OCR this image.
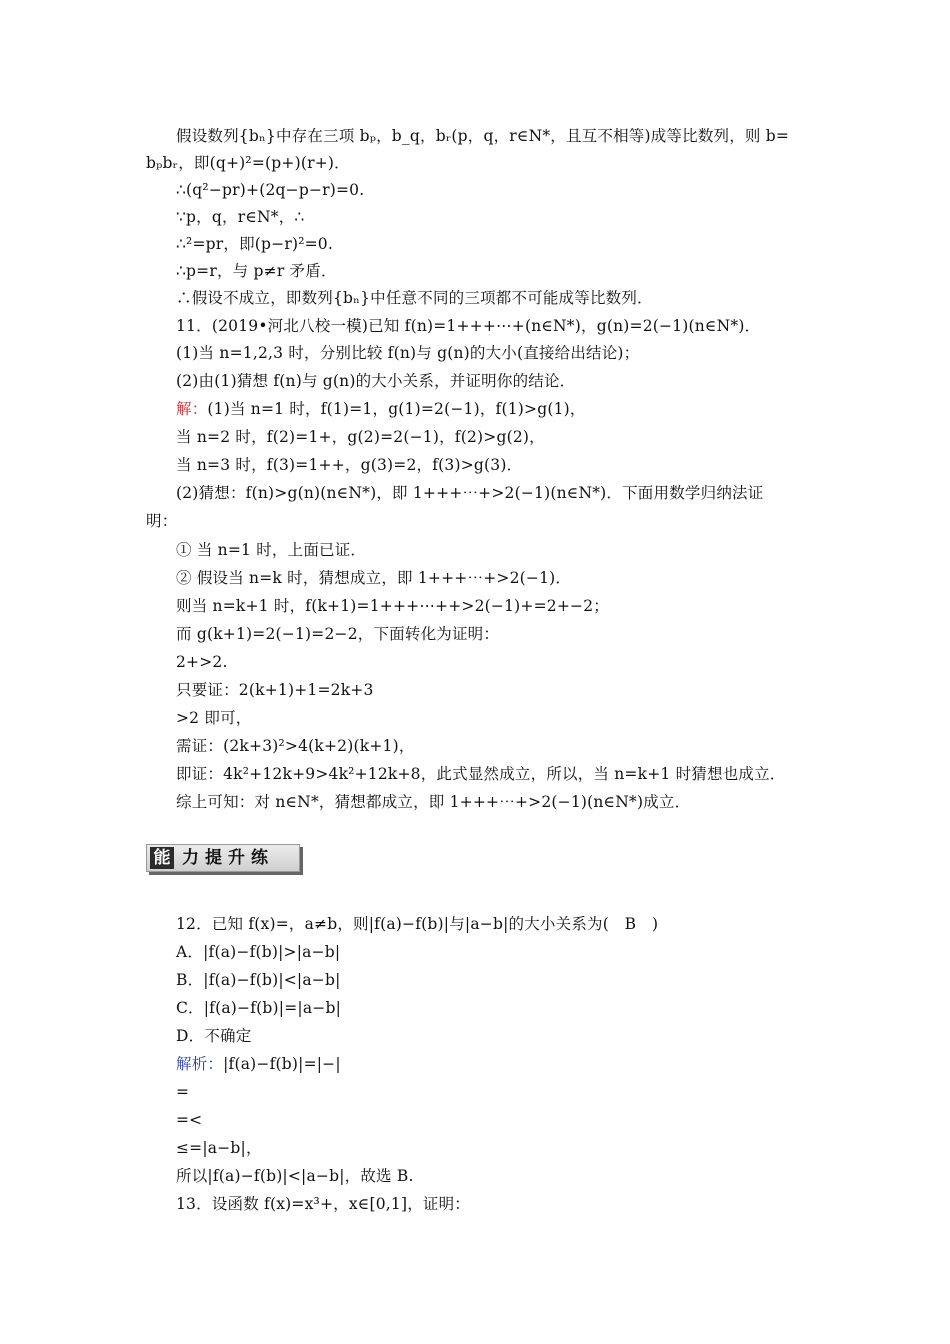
假设数列{bₙ}中存在三项 bₚ，b_q，bᵣ(p，q，r∈N*，且互不相等)成等比数列，则 b=
bₚbᵣ，即(q+)²=(p+)(r+)．
∴(q²−pr)+(2q−p−r)=0.
∵p，q，r∈N*，∴
∴²=pr，即(p−r)²=0.
∴p=r，与 p≠r 矛盾．
∴假设不成立，即数列{bₙ}中任意不同的三项都不可能成等比数列．
11．(2019•河北八校一模)已知 f(n)=1+++⋯+(n∈N*)，g(n)=2(−1)(n∈N*)．
(1)当 n=1,2,3 时，分别比较 f(n)与 g(n)的大小(直接给出结论)；
(2)由(1)猜想 f(n)与 g(n)的大小关系，并证明你的结论．
解：(1)当 n=1 时，f(1)=1，g(1)=2(−1)，f(1)>g(1)，
当 n=2 时，f(2)=1+，g(2)=2(−1)，f(2)>g(2)，
当 n=3 时，f(3)=1++，g(3)=2，f(3)>g(3)．
(2)猜想：f(n)>g(n)(n∈N*)，即 1+++⋯+>2(−1)(n∈N*)．下面用数学归纳法证
明：
① 当 n=1 时，上面已证．
② 假设当 n=k 时，猜想成立，即 1+++⋯+>2(−1)．
则当 n=k+1 时，f(k+1)=1+++⋯++>2(−1)+=2+−2；
而 g(k+1)=2(−1)=2−2，下面转化为证明：
2+>2.
只要证：2(k+1)+1=2k+3
>2 即可，
需证：(2k+3)²>4(k+2)(k+1)，
即证：4k²+12k+9>4k²+12k+8，此式显然成立，所以，当 n=k+1 时猜想也成立．
综上可知：对 n∈N*，猜想都成立，即 1+++⋯+>2(−1)(n∈N*)成立．
能 力提升练
12．已知 f(x)=，a≠b，则|f(a)−f(b)|与|a−b|的大小关系为(　B　)
A．|f(a)−f(b)|>|a−b|
B．|f(a)−f(b)|<|a−b|
C．|f(a)−f(b)|=|a−b|
D．不确定
解析：|f(a)−f(b)|=|−|
=
=<
≤=|a−b|，
所以|f(a)−f(b)|<|a−b|，故选 B.
13．设函数 f(x)=x³+，x∈[0,1]，证明：
